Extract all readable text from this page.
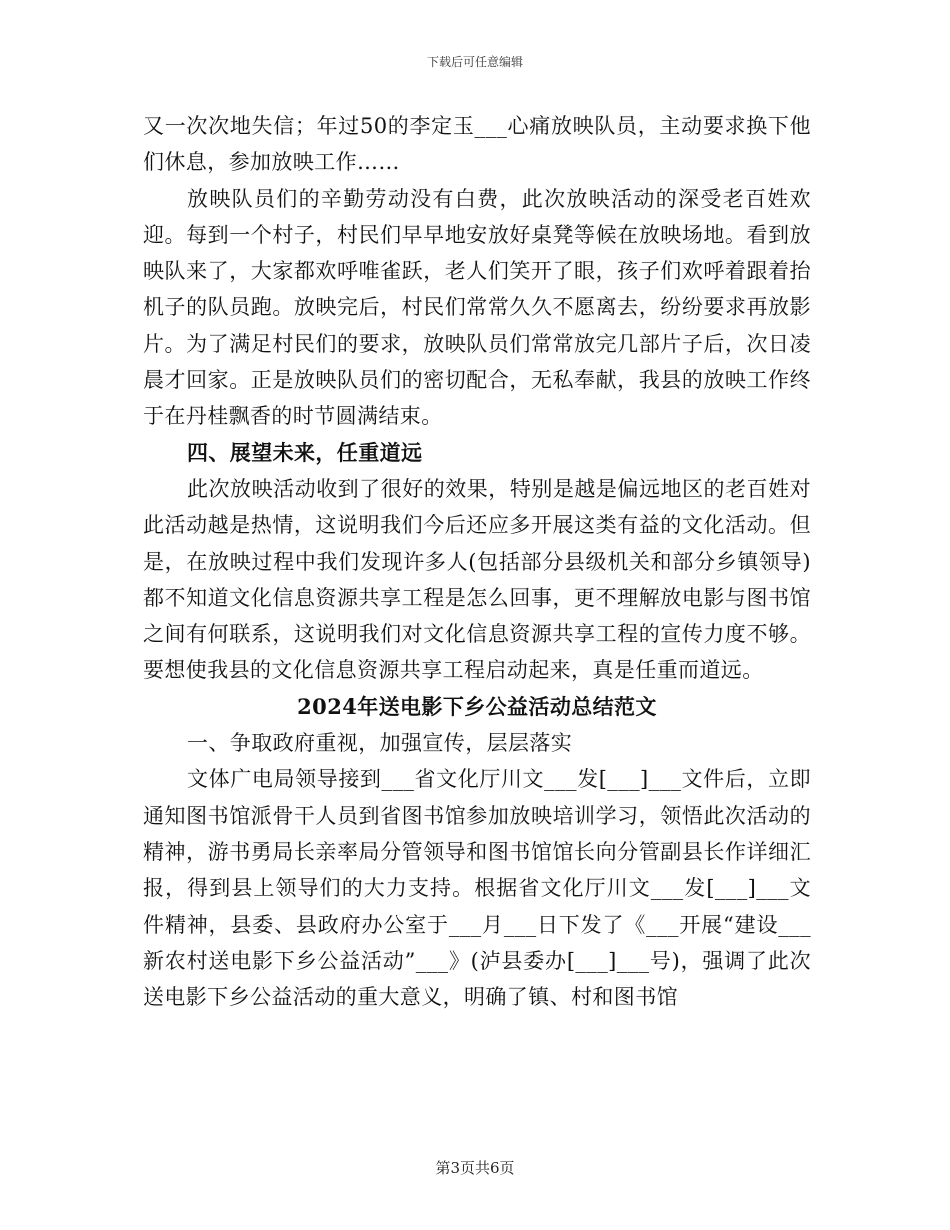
下载后可任意编辑

又一次次地失信；年过50的李定玉___心痛放映队员，主动要求换下他们休息，参加放映工作……

放映队员们的辛勤劳动没有白费，此次放映活动的深受老百姓欢迎。每到一个村子，村民们早早地安放好桌凳等候在放映场地。看到放映队来了，大家都欢呼唯雀跃，老人们笑开了眼，孩子们欢呼着跟着抬机子的队员跑。放映完后，村民们常常久久不愿离去，纷纷要求再放影片。为了满足村民们的要求，放映队员们常常放完几部片子后，次日凌晨才回家。正是放映队员们的密切配合，无私奉献，我县的放映工作终于在丹桂飘香的时节圆满结束。

四、展望未来，任重道远

此次放映活动收到了很好的效果，特别是越是偏远地区的老百姓对此活动越是热情，这说明我们今后还应多开展这类有益的文化活动。但是，在放映过程中我们发现许多人(包括部分县级机关和部分乡镇领导)都不知道文化信息资源共享工程是怎么回事，更不理解放电影与图书馆之间有何联系，这说明我们对文化信息资源共享工程的宣传力度不够。要想使我县的文化信息资源共享工程启动起来，真是任重而道远。

2024年送电影下乡公益活动总结范文

一、争取政府重视，加强宣传，层层落实

文体广电局领导接到___省文化厅川文___发[___]___文件后，立即通知图书馆派骨干人员到省图书馆参加放映培训学习，领悟此次活动的精神，游书勇局长亲率局分管领导和图书馆馆长向分管副县长作详细汇报，得到县上领导们的大力支持。根据省文化厅川文___发[___]___文件精神，县委、县政府办公室于___月___日下发了《___开展“建设___新农村送电影下乡公益活动”___》(泸县委办[___]___号)，强调了此次送电影下乡公益活动的重大意义，明确了镇、村和图书馆

第3页共6页
